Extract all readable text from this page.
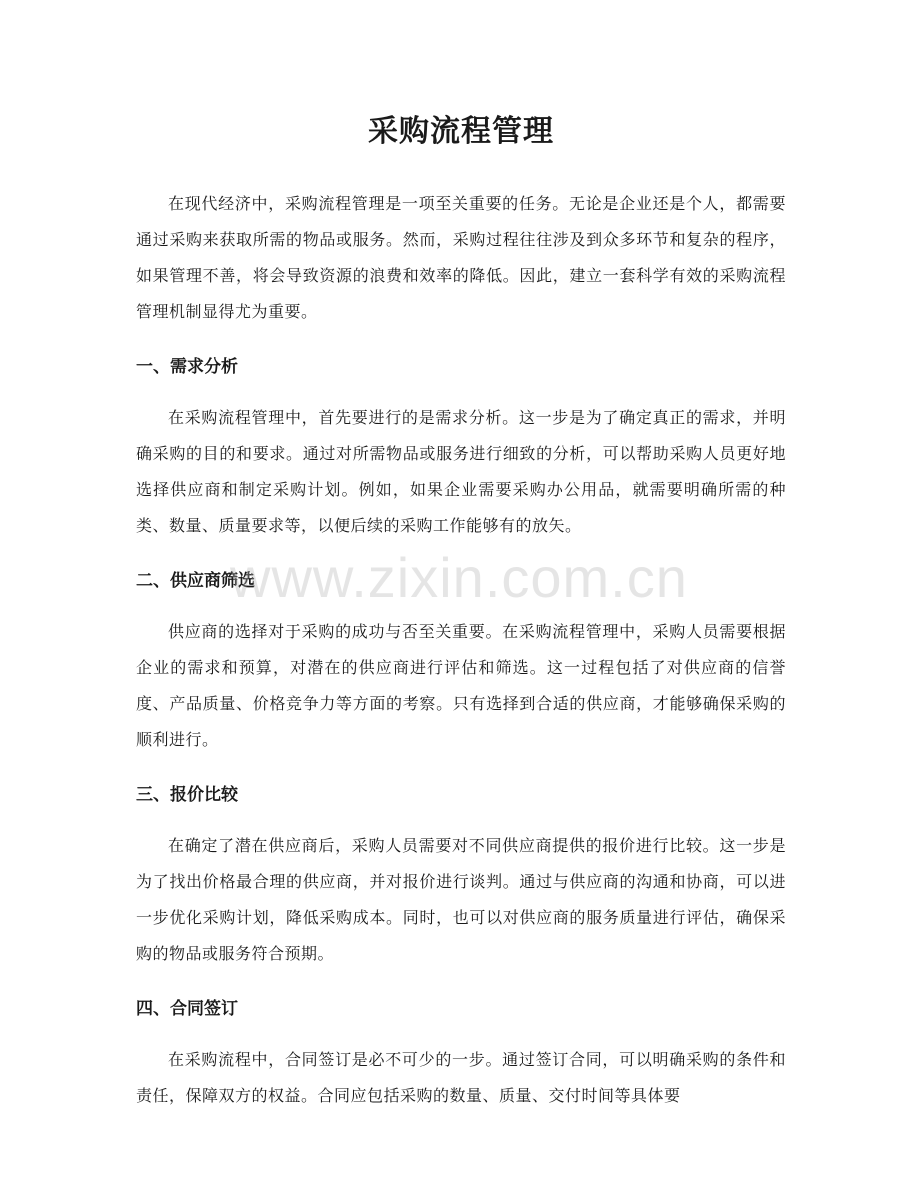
采购流程管理

在现代经济中，采购流程管理是一项至关重要的任务。无论是企业还是个人，都需要通过采购来获取所需的物品或服务。然而，采购过程往往涉及到众多环节和复杂的程序，如果管理不善，将会导致资源的浪费和效率的降低。因此，建立一套科学有效的采购流程管理机制显得尤为重要。

一、需求分析

在采购流程管理中，首先要进行的是需求分析。这一步是为了确定真正的需求，并明确采购的目的和要求。通过对所需物品或服务进行细致的分析，可以帮助采购人员更好地选择供应商和制定采购计划。例如，如果企业需要采购办公用品，就需要明确所需的种类、数量、质量要求等，以便后续的采购工作能够有的放矢。

二、供应商筛选

供应商的选择对于采购的成功与否至关重要。在采购流程管理中，采购人员需要根据企业的需求和预算，对潜在的供应商进行评估和筛选。这一过程包括了对供应商的信誉度、产品质量、价格竞争力等方面的考察。只有选择到合适的供应商，才能够确保采购的顺利进行。

三、报价比较

在确定了潜在供应商后，采购人员需要对不同供应商提供的报价进行比较。这一步是为了找出价格最合理的供应商，并对报价进行谈判。通过与供应商的沟通和协商，可以进一步优化采购计划，降低采购成本。同时，也可以对供应商的服务质量进行评估，确保采购的物品或服务符合预期。

四、合同签订

在采购流程中，合同签订是必不可少的一步。通过签订合同，可以明确采购的条件和责任，保障双方的权益。合同应包括采购的数量、质量、交付时间等具体要

www.zixin.com.cn
